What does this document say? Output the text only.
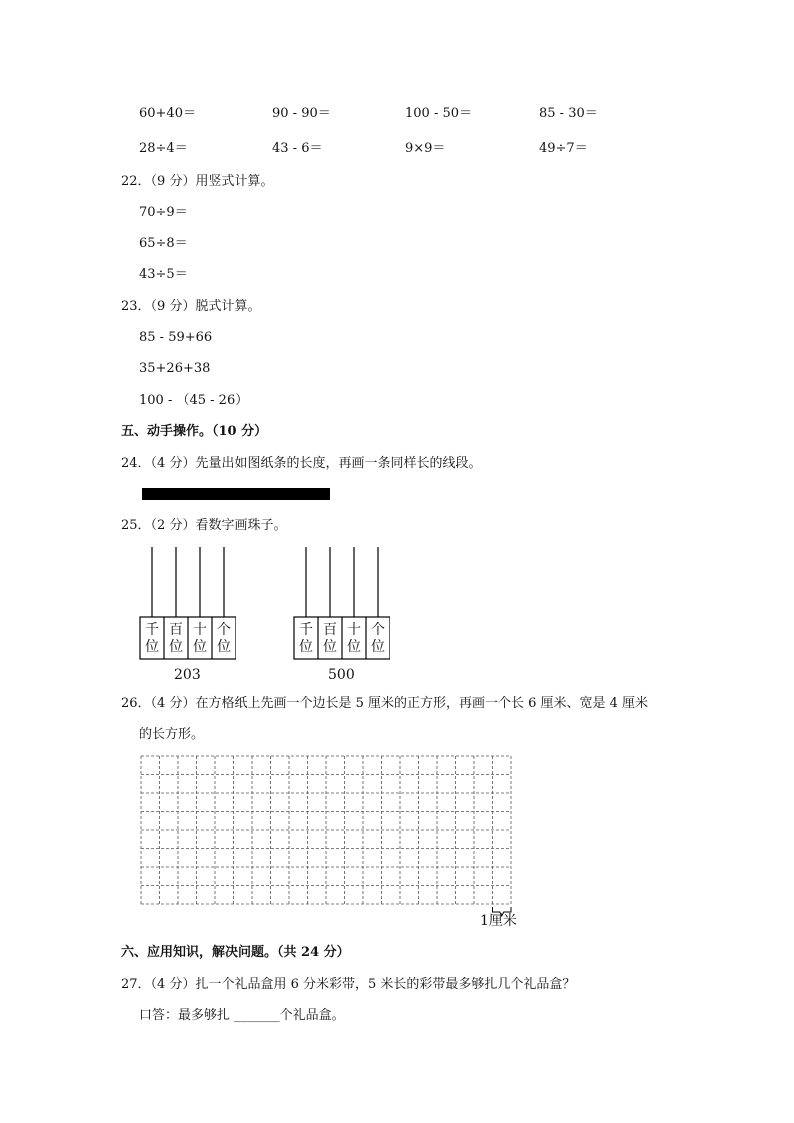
60+40＝	90 - 90＝	100 - 50＝	85 - 30＝
28÷4＝	43 - 6＝	9×9＝	49÷7＝
22．（9 分）用竖式计算。
70÷9＝
65÷8＝
43÷5＝
23．（9 分）脱式计算。
85 - 59+66
35+26+38
100 - （45 - 26）
五、动手操作。（10 分）
24．（4 分）先量出如图纸条的长度，再画一条同样长的线段。
25．（2 分）看数字画珠子。
千位
百位
十位
个位
203
千位
百位
十位
个位
500
26．（4 分）在方格纸上先画一个边长是 5 厘米的正方形，再画一个长 6 厘米、宽是 4 厘米
的长方形。
1厘米
六、应用知识，解决问题。（共 24 分）
27．（4 分）扎一个礼品盒用 6 分米彩带，5 米长的彩带最多够扎几个礼品盒？
口答：最多够扎 _______个礼品盒。
